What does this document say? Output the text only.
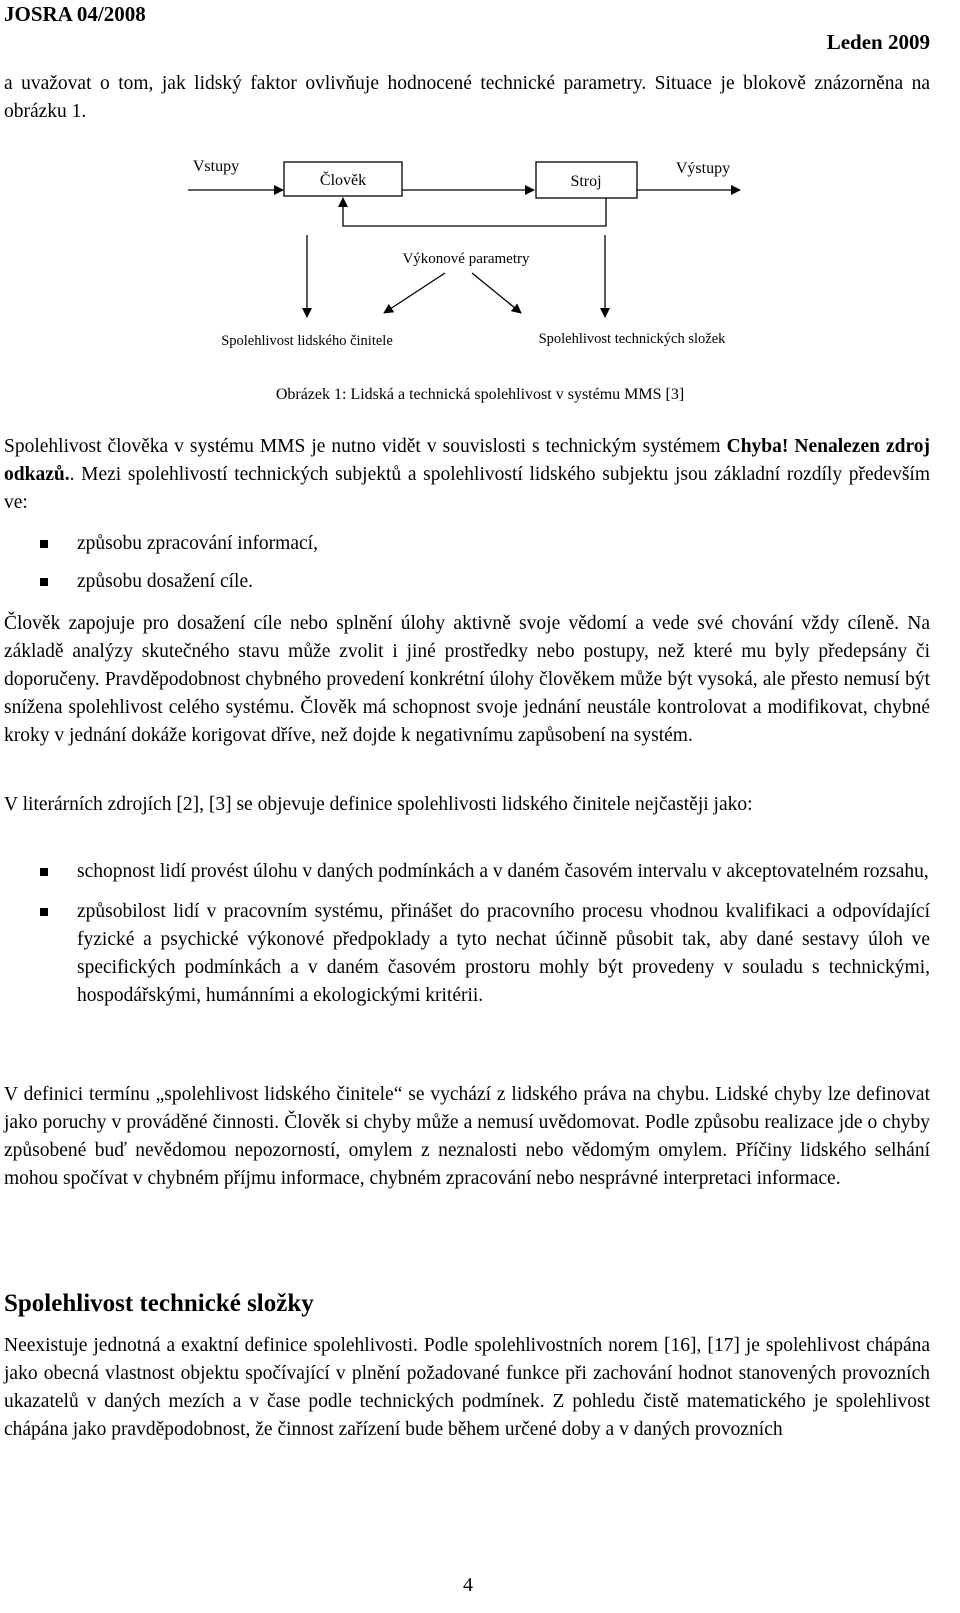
JOSRA 04/2008
Leden 2009

a uvažovat o tom, jak lidský faktor ovlivňuje hodnocené technické parametry. Situace je blokově znázorněna na obrázku 1.

Vstupy	Výstupy
Člověk	Stroj
Výkonové parametry
Spolehlivost lidského činitele	Spolehlivost technických složek
Obrázek 1: Lidská a technická spolehlivost v systému MMS [3]

Spolehlivost člověka v systému MMS je nutno vidět v souvislosti s technickým systémem Chyba! Nenalezen zdroj odkazů.. Mezi spolehlivostí technických subjektů a spolehlivostí lidského subjektu jsou základní rozdíly především ve:

způsobu zpracování informací,
způsobu dosažení cíle.

Člověk zapojuje pro dosažení cíle nebo splnění úlohy aktivně svoje vědomí a vede své chování vždy cíleně. Na základě analýzy skutečného stavu může zvolit i jiné prostředky nebo postupy, než které mu byly předepsány či doporučeny. Pravděpodobnost chybného provedení konkrétní úlohy člověkem může být vysoká, ale přesto nemusí být snížena spolehlivost celého systému. Člověk má schopnost svoje jednání neustále kontrolovat a modifikovat, chybné kroky v jednání dokáže korigovat dříve, než dojde k negativnímu zapůsobení na systém.

V literárních zdrojích [2], [3] se objevuje definice spolehlivosti lidského činitele nejčastěji jako:

schopnost lidí provést úlohu v daných podmínkách a v daném časovém intervalu v akceptovatelném rozsahu,
způsobilost lidí v pracovním systému, přinášet do pracovního procesu vhodnou kvalifikaci a odpovídající fyzické a psychické výkonové předpoklady a tyto nechat účinně působit tak, aby dané sestavy úloh ve specifických podmínkách a v daném časovém prostoru mohly být provedeny v souladu s technickými, hospodářskými, humánními a ekologickými kritérii.

V definici termínu „spolehlivost lidského činitele“ se vychází z lidského práva na chybu. Lidské chyby lze definovat jako poruchy v prováděné činnosti. Člověk si chyby může a nemusí uvědomovat. Podle způsobu realizace jde o chyby způsobené buď nevědomou nepozorností, omylem z neznalosti nebo vědomým omylem. Příčiny lidského selhání mohou spočívat v chybném příjmu informace, chybném zpracování nebo nesprávné interpretaci informace.

Spolehlivost technické složky

Neexistuje jednotná a exaktní definice spolehlivosti. Podle spolehlivostních norem [16], [17] je spolehlivost chápána jako obecná vlastnost objektu spočívající v plnění požadované funkce při zachování hodnot stanovených provozních ukazatelů v daných mezích a v čase podle technických podmínek. Z pohledu čistě matematického je spolehlivost chápána jako pravděpodobnost, že činnost zařízení bude během určené doby a v daných provozních

4
